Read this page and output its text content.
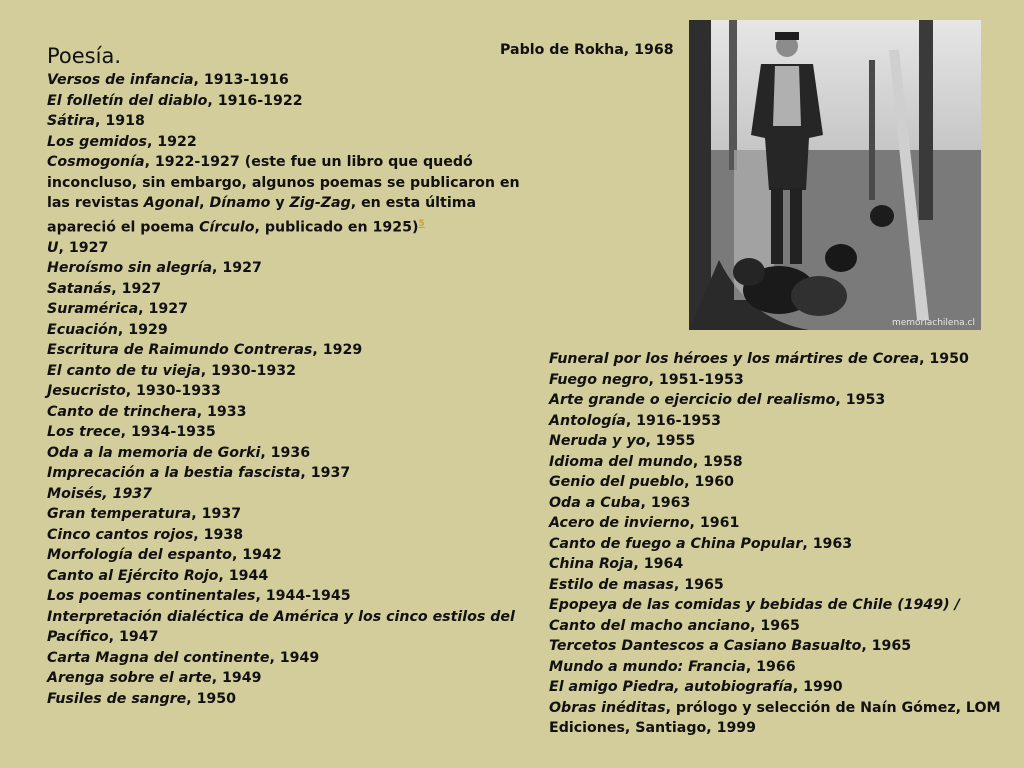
Poesía.
Versos de infancia, 1913-1916
El folletín del diablo, 1916-1922
Sátira, 1918
Los gemidos, 1922
Cosmogonía, 1922-1927 (este fue un libro que quedó inconcluso, sin embargo, algunos poemas se publicaron en las revistas Agonal, Dínamo y Zig-Zag, en esta última apareció el poema Círculo, publicado en 1925)$^5$
U, 1927
Heroísmo sin alegría, 1927
Satanás, 1927
Suramérica, 1927
Ecuación, 1929
Escritura de Raimundo Contreras, 1929
El canto de tu vieja, 1930-1932
Jesucristo, 1930-1933
Canto de trinchera, 1933
Los trece, 1934-1935
Oda a la memoria de Gorki, 1936
Imprecación a la bestia fascista, 1937
Moisés, 1937
Gran temperatura, 1937
Cinco cantos rojos, 1938
Morfología del espanto, 1942
Canto al Ejército Rojo, 1944
Los poemas continentales, 1944-1945
Interpretación dialéctica de América y los cinco estilos del Pacífico, 1947
Carta Magna del continente, 1949
Arenga sobre el arte, 1949
Fusiles de sangre, 1950
Pablo de Rokha, 1968
memoriachilena.cl
Funeral por los héroes y los mártires de Corea, 1950
Fuego negro, 1951-1953
Arte grande o ejercicio del realismo, 1953
Antología, 1916-1953
Neruda y yo, 1955
Idioma del mundo, 1958
Genio del pueblo, 1960
Oda a Cuba, 1963
Acero de invierno, 1961
Canto de fuego a China Popular, 1963
China Roja, 1964
Estilo de masas, 1965
Epopeya de las comidas y bebidas de Chile (1949) / Canto del macho anciano, 1965
Tercetos Dantescos a Casiano Basualto, 1965
Mundo a mundo: Francia, 1966
El amigo Piedra, autobiografía, 1990
Obras inéditas, prólogo y selección de Naín Gómez, LOM Ediciones, Santiago, 1999
